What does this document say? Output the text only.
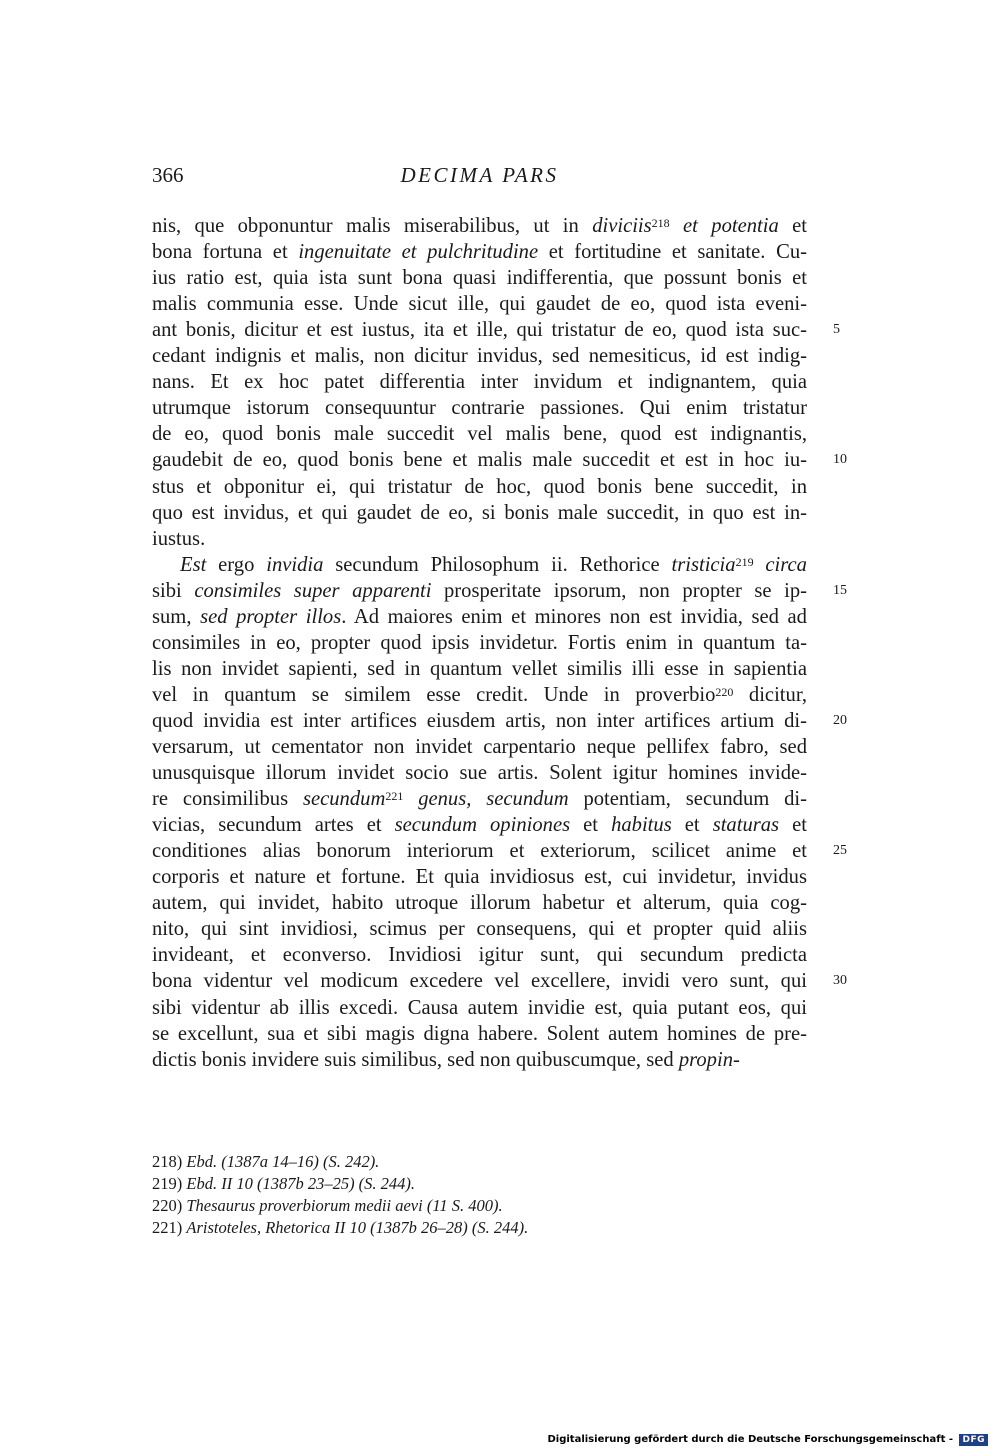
366	DECIMA PARS
nis, que obponuntur malis miserabilibus, ut in diviciis$^{218}$ et potentia et
bona fortuna et ingenuitate et pulchritudine et fortitudine et sanitate. Cu-
ius ratio est, quia ista sunt bona quasi indifferentia, que possunt bonis et
malis communia esse. Unde sicut ille, qui gaudet de eo, quod ista eveni-
ant bonis, dicitur et est iustus, ita et ille, qui tristatur de eo, quod ista suc-
cedant indignis et malis, non dicitur invidus, sed nemesiticus, id est indig-
nans. Et ex hoc patet differentia inter invidum et indignantem, quia
utrumque istorum consequuntur contrarie passiones. Qui enim tristatur
de eo, quod bonis male succedit vel malis bene, quod est indignantis,
gaudebit de eo, quod bonis bene et malis male succedit et est in hoc iu-
stus et obponitur ei, qui tristatur de hoc, quod bonis bene succedit, in
quo est invidus, et qui gaudet de eo, si bonis male succedit, in quo est in-
iustus.
Est ergo invidia secundum Philosophum ii. Rethorice tristicia$^{219}$ circa
sibi consimiles super apparenti prosperitate ipsorum, non propter se ip-
sum, sed propter illos. Ad maiores enim et minores non est invidia, sed ad
consimiles in eo, propter quod ipsis invidetur. Fortis enim in quantum ta-
lis non invidet sapienti, sed in quantum vellet similis illi esse in sapientia
vel in quantum se similem esse credit. Unde in proverbio$^{220}$ dicitur,
quod invidia est inter artifices eiusdem artis, non inter artifices artium di-
versarum, ut cementator non invidet carpentario neque pellifex fabro, sed
unusquisque illorum invidet socio sue artis. Solent igitur homines invide-
re consimilibus secundum$^{221}$ genus, secundum potentiam, secundum di-
vicias, secundum artes et secundum opiniones et habitus et staturas et
conditiones alias bonorum interiorum et exteriorum, scilicet anime et
corporis et nature et fortune. Et quia invidiosus est, cui invidetur, invidus
autem, qui invidet, habito utroque illorum habetur et alterum, quia cog-
nito, qui sint invidiosi, scimus per consequens, qui et propter quid aliis
invideant, et econverso. Invidiosi igitur sunt, qui secundum predicta
bona videntur vel modicum excedere vel excellere, invidi vero sunt, qui
sibi videntur ab illis excedi. Causa autem invidie est, quia putant eos, qui
se excellunt, sua et sibi magis digna habere. Solent autem homines de pre-
dictis bonis invidere suis similibus, sed non quibuscumque, sed propin-
5
10
15
20
25
30
218) Ebd. (1387a 14–16) (S. 242).
219) Ebd. II 10 (1387b 23–25) (S. 244).
220) Thesaurus proverbiorum medii aevi (11 S. 400).
221) Aristoteles, Rhetorica II 10 (1387b 26–28) (S. 244).
Digitalisierung gefördert durch die Deutsche Forschungsgemeinschaft - DFG
